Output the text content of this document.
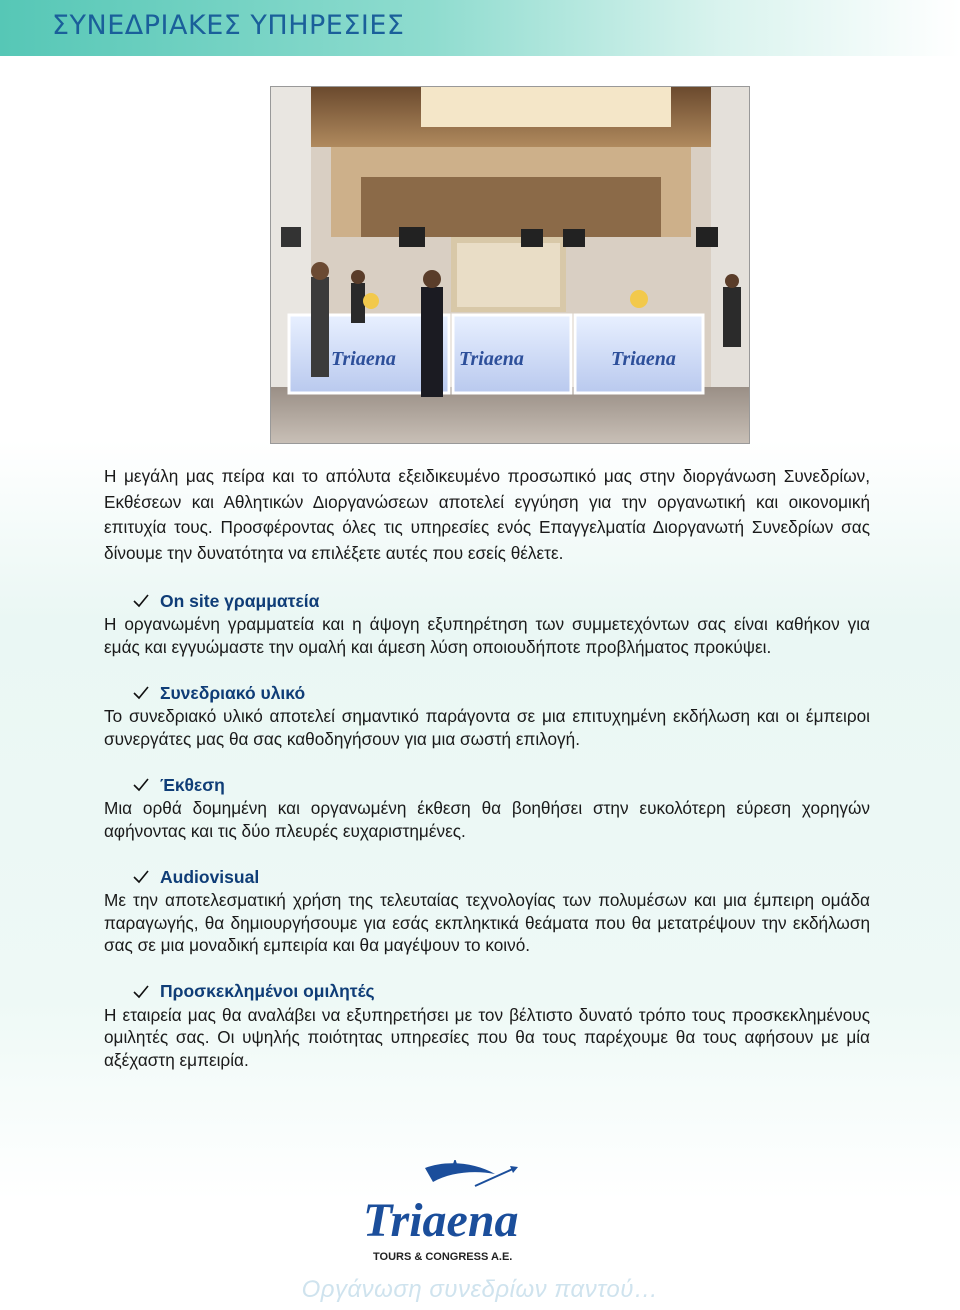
ΣΥΝΕΔΡΙΑΚΕΣ ΥΠΗΡΕΣΙΕΣ
Triaena	Triaena	Triaena

Η μεγάλη μας πείρα και το απόλυτα εξειδικευμένο προσωπικό μας στην διοργάνωση Συνεδρίων, Εκθέσεων και Αθλητικών Διοργανώσεων αποτελεί εγγύηση για την οργανωτική και οικονομική επιτυχία τους. Προσφέροντας όλες τις υπηρεσίες ενός Επαγγελματία Διοργανωτή Συνεδρίων σας δίνουμε την δυνατότητα να επιλέξετε αυτές που εσείς θέλετε.

On site γραμματεία

Η οργανωμένη γραμματεία και η άψογη εξυπηρέτηση των συμμετεχόντων σας είναι καθήκον για εμάς και εγγυώμαστε την ομαλή και άμεση λύση οποιουδήποτε προβλήματος προκύψει.

Συνεδριακό υλικό

Το συνεδριακό υλικό αποτελεί σημαντικό παράγοντα σε μια επιτυχημένη εκδήλωση και οι έμπειροι συνεργάτες μας θα σας καθοδηγήσουν για μια σωστή επιλογή.

Έκθεση

Μια ορθά δομημένη και οργανωμένη έκθεση θα βοηθήσει στην ευκολότερη εύρεση χορηγών αφήνοντας και τις δύο πλευρές ευχαριστημένες.

Audiovisual

Με την αποτελεσματική χρήση της τελευταίας τεχνολογίας των πολυμέσων και μια έμπειρη ομάδα παραγωγής, θα δημιουργήσουμε για εσάς εκπληκτικά θεάματα που θα μετατρέψουν την εκδήλωση σας σε μια μοναδική εμπειρία και θα μαγέψουν το κοινό.

Προσκεκλημένοι ομιλητές

Η εταιρεία μας θα αναλάβει να εξυπηρετήσει με τον βέλτιστο δυνατό τρόπο τους προσκεκλημένους ομιλητές σας. Οι υψηλής ποιότητας υπηρεσίες που θα τους παρέχουμε θα τους αφήσουν με μία αξέχαστη εμπειρία.

Triaena
TOURS & CONGRESS A.E.
Οργάνωση συνεδρίων παντού…
